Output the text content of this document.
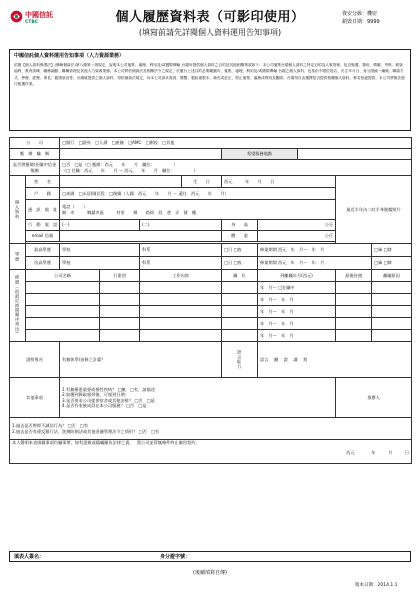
中國信託
CTBC	個人履歷資料表（可影印使用）
(填寫前請先詳閱個人資料運用告知事項)
資安分級：機密
銷毀日期：9999
中國信託個人資料運用告知事項（人力資源業務）

依據【個人資料保護法】(簡稱個資法)第八條第一項規定，說明本公司蒐集、處理、利用及/或國際傳輸 台端所提供個人資料之目的及其他相關事項如下：本公司蒐集台端個人資料之特定目的為人事管理，包含甄選、錄用、聘僱、考核、薪資福利、教育訓練、職務調動、離職管理及其他人力資源業務。本公司將依個資法及相關法令之規定，於履行上述目的必要範圍內，蒐集、處理、利用及/或國際傳輸 台端之個人資料，包括但不限於姓名、出生年月日、身分證統一編號、聯絡方式、學歷、經歷、專長、健康狀況等。台端就提供之個人資料，得依個資法規定，向本公司請求查詢、閱覽、製給複製本、補充或更正、停止蒐集、處理或利用及刪除。台端得自由選擇是否提供相關個人資料，惟若拒絕提供，本公司將無法進行甄選作業。

公　　司		□銀行　□證券　□人壽　□產險　□AMC　□創投　□其他								
應　徵　職　稱						希望服務地點				
是否曾應徵/任職中信金集團		□否　□是（□ 應徵：西元　　年　　月　職位：　　　　　）
（□ 任職：西元　　年　　月 ～ 西元　　年　　月　職位：　　　　　）								

個人資料	姓　　名				生　　日	西元　　　年　　月　　日			最近半年內二吋半身脫帽照片	
	戶　　籍	□本國　□永居/國民役　□後續（入籍　西元　　年　　月 ～ 還住　西元　　年　　月）								
	通　訊　地　址	電話（　　）
縣　市　　　鄉鎮市區　　　村里　　鄰　　路街　段　巷　弄　號　樓								

	行　動　電　話	(一)		(二)		身　　高	公分			
	email 信箱					體　　重	公斤			

學歷	最高學歷	學校		科系		□日 □夜	修業期間 西元　年　月～　年　月			□畢 □肄
	次高學歷	學校		科系		□日 □夜	修業期間 西元　年　月～　年　月			□畢 □肄
經歷（依最近時間順序列出）	公司名稱		行業別	工作內容		職　位	到離職年月(西元)		最後待遇	離職原因
							年　月～ □在職中			
							年　月～　年　月			
							年　月～　年　月			
							年　月～　年　月			
							年　月～　年　月			
證照專長		有無休學/退修之計畫？				語言能力	語言　 聽　 說　 讀　 寫			
其他事項		1.有無罹患重要或慢性疾病？ □無　□有，請描述：
2.如獲到錄取報到後，可報到日期：
3.是否要求公司提供宿舍或其他安排？ □否　□是
4.是否有家族成員在本公司服務？ □否　□是							推薦人	

1.過去是否曾經不誠信行為？ □否　□有
2.過去是否有違反銀行法、洗錢防制法或其他金融管理法令之情形？ □否　□有										

本人聲明本表填載事項均屬事實，如有誑報或隱瞞願負法律之責，　 貴公司並得無條件終止僱用契約。
西元　　　　年　　　月　　　日										
填表人簽名：	身分證字號：
(後續填寫自傳)
版本日期：2014.1.1
